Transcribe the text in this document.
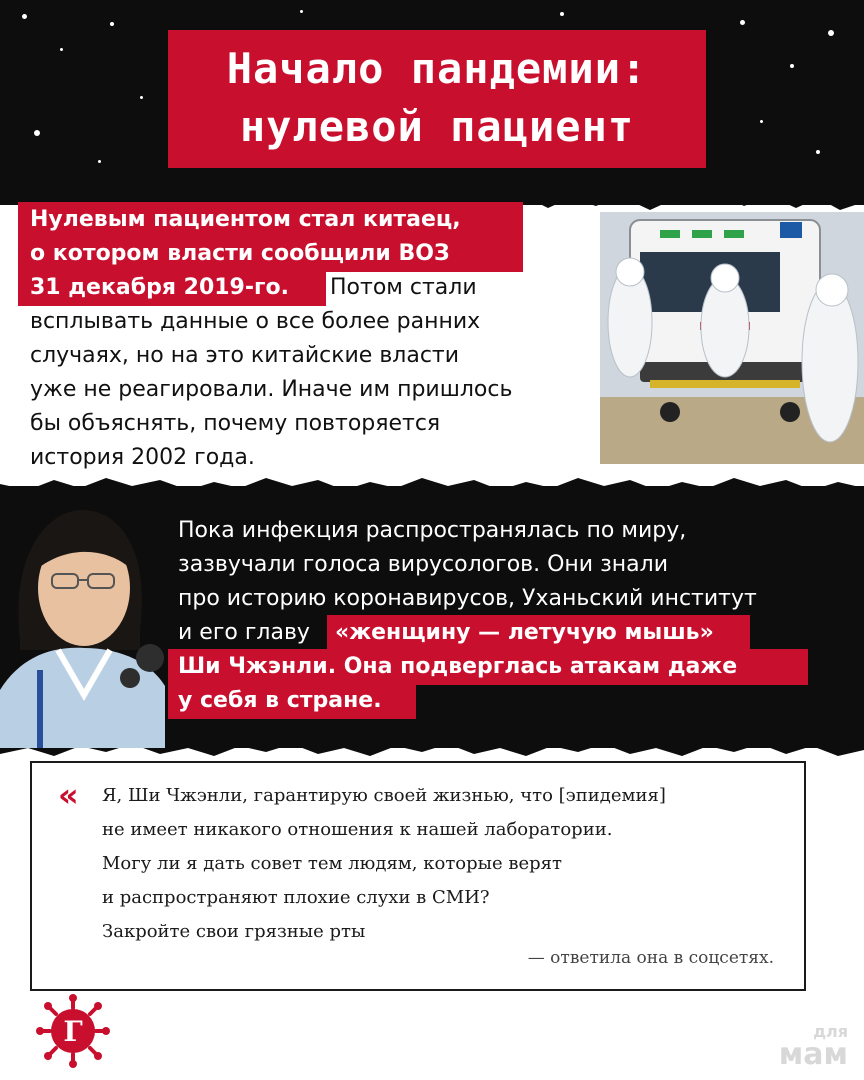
Начало пандемии:
нулевой пациент
Нулевым пациентом стал китаец,
о котором власти сообщили ВОЗ
31 декабря 2019-го. Потом стали
всплывать данные о все более ранних
случаях, но на это китайские власти
уже не реагировали. Иначе им пришлось
бы объяснять, почему повторяется
история 2002 года.
Пока инфекция распространялась по миру,
зазвучали голоса вирусологов. Они знали
про историю коронавирусов, Уханьский институт
и его главу «женщину — летучую мышь»
Ши Чжэнли. Она подверглась атакам даже
у себя в стране.
« Я, Ши Чжэнли, гарантирую своей жизнью, что [эпидемия]
не имеет никакого отношения к нашей лаборатории.
Могу ли я дать совет тем людям, которые верят
и распространяют плохие слухи в СМИ?
Закройте свои грязные рты
— ответила она в соцсетях.
Г	для
мам
